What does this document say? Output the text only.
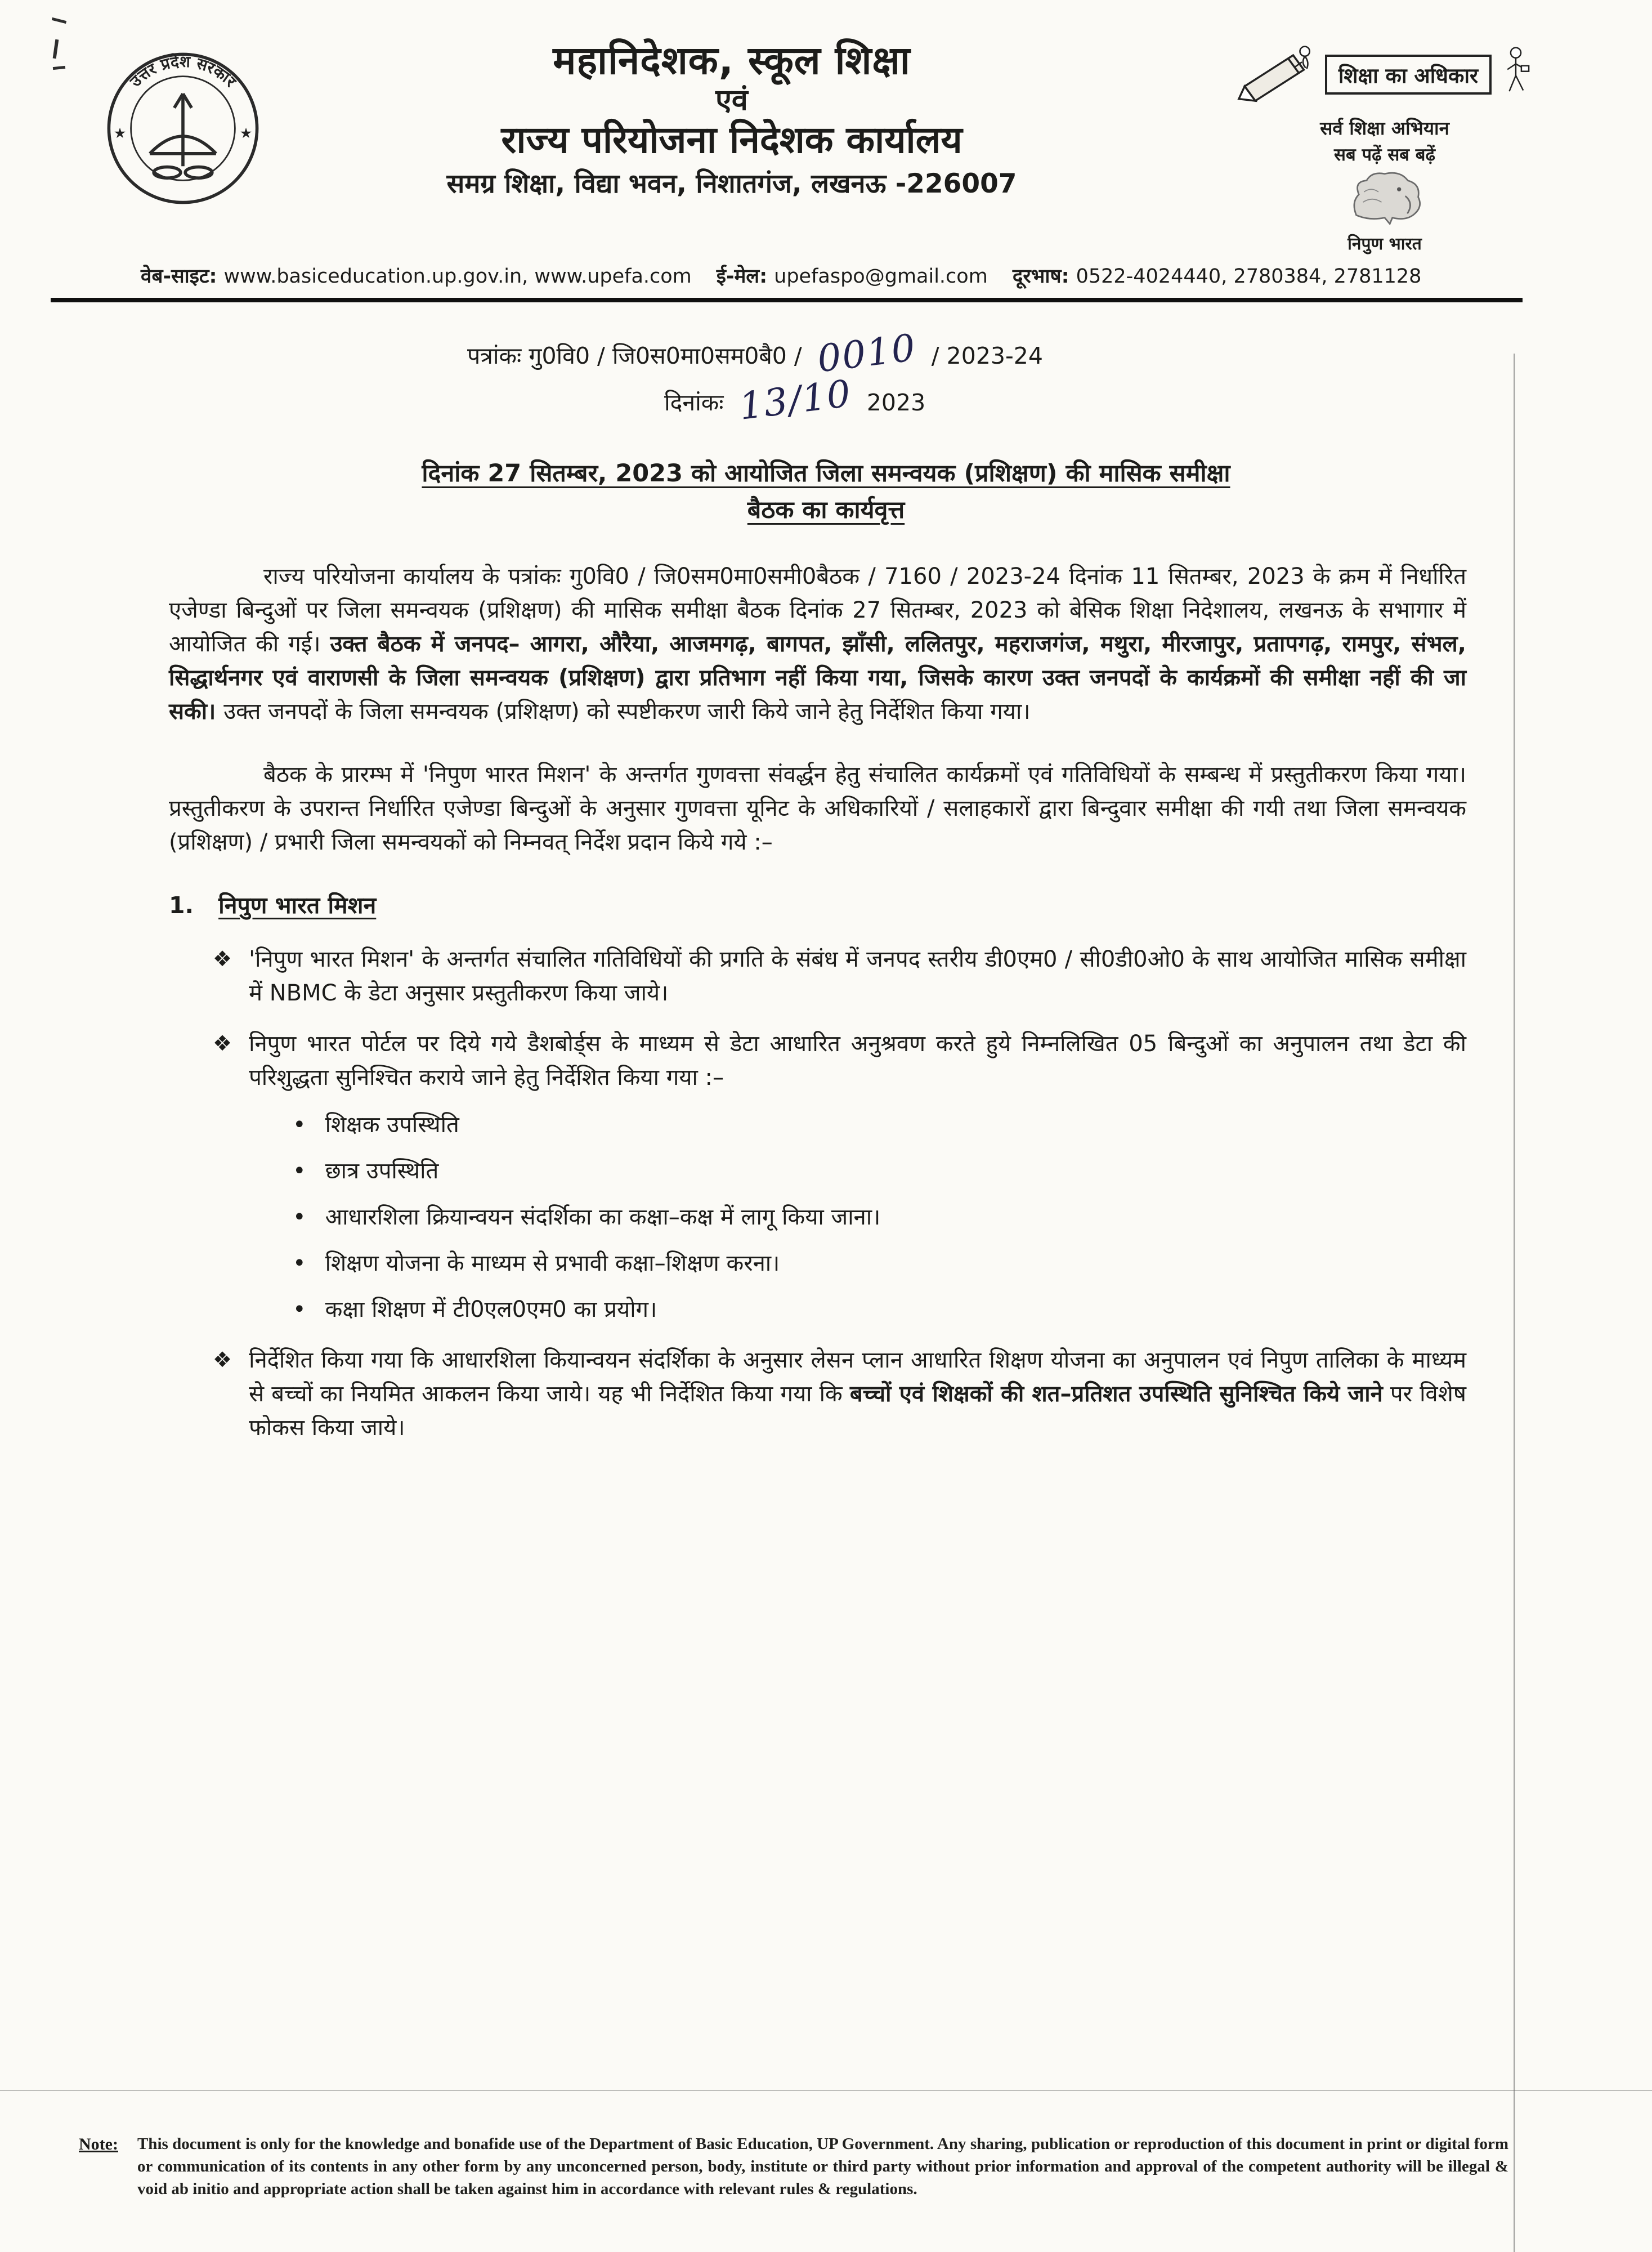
उत्तर प्रदेश सरकार
★	★
महानिदेशक, स्कूल शिक्षा
एवं
राज्य परियोजना निदेशक कार्यालय
समग्र शिक्षा, विद्या भवन, निशातगंज, लखनऊ -226007
शिक्षा का अधिकार
सर्व शिक्षा अभियान
सब पढ़ें सब बढ़ें
निपुण भारत
वेब-साइट: www.basiceducation.up.gov.in, www.upefa.com ई-मेल: upefaspo@gmail.com दूरभाष: 0522-4024440, 2780384, 2781128
पत्रांकः गु0वि0 / जि0स0मा0सम0बै0 / 0010 / 2023-24
दिनांकः 13/10 2023
दिनांक 27 सितम्बर, 2023 को आयोजित जिला समन्वयक (प्रशिक्षण) की मासिक समीक्षा
बैठक का कार्यवृत्त

राज्य परियोजना कार्यालय के पत्रांकः गु0वि0 / जि0सम0मा0समी0बैठक / 7160 / 2023-24 दिनांक 11 सितम्बर, 2023 के क्रम में निर्धारित एजेण्डा बिन्दुओं पर जिला समन्वयक (प्रशिक्षण) की मासिक समीक्षा बैठक दिनांक 27 सितम्बर, 2023 को बेसिक शिक्षा निदेशालय, लखनऊ के सभागार में आयोजित की गई। उक्त बैठक में जनपद– आगरा, औरैया, आजमगढ़, बागपत, झाँसी, ललितपुर, महराजगंज, मथुरा, मीरजापुर, प्रतापगढ़, रामपुर, संभल, सिद्धार्थनगर एवं वाराणसी के जिला समन्वयक (प्रशिक्षण) द्वारा प्रतिभाग नहीं किया गया, जिसके कारण उक्त जनपदों के कार्यक्रमों की समीक्षा नहीं की जा सकी। उक्त जनपदों के जिला समन्वयक (प्रशिक्षण) को स्पष्टीकरण जारी किये जाने हेतु निर्देशित किया गया।

बैठक के प्रारम्भ में 'निपुण भारत मिशन' के अन्तर्गत गुणवत्ता संवर्द्धन हेतु संचालित कार्यक्रमों एवं गतिविधियों के सम्बन्ध में प्रस्तुतीकरण किया गया। प्रस्तुतीकरण के उपरान्त निर्धारित एजेण्डा बिन्दुओं के अनुसार गुणवत्ता यूनिट के अधिकारियों / सलाहकारों द्वारा बिन्दुवार समीक्षा की गयी तथा जिला समन्वयक (प्रशिक्षण) / प्रभारी जिला समन्वयकों को निम्नवत् निर्देश प्रदान किये गये :–

1. निपुण भारत मिशन
❖ 'निपुण भारत मिशन' के अन्तर्गत संचालित गतिविधियों की प्रगति के संबंध में जनपद स्तरीय डी0एम0 / सी0डी0ओ0 के साथ आयोजित मासिक समीक्षा में NBMC के डेटा अनुसार प्रस्तुतीकरण किया जाये।
❖ निपुण भारत पोर्टल पर दिये गये डैशबोर्ड्स के माध्यम से डेटा आधारित अनुश्रवण करते हुये निम्नलिखित 05 बिन्दुओं का अनुपालन तथा डेटा की परिशुद्धता सुनिश्चित कराये जाने हेतु निर्देशित किया गया :–
• शिक्षक उपस्थिति
• छात्र उपस्थिति
• आधारशिला क्रियान्वयन संदर्शिका का कक्षा–कक्ष में लागू किया जाना।
• शिक्षण योजना के माध्यम से प्रभावी कक्षा–शिक्षण करना।
• कक्षा शिक्षण में टी0एल0एम0 का प्रयोग।
❖ निर्देशित किया गया कि आधारशिला कियान्वयन संदर्शिका के अनुसार लेसन प्लान आधारित शिक्षण योजना का अनुपालन एवं निपुण तालिका के माध्यम से बच्चों का नियमित आकलन किया जाये। यह भी निर्देशित किया गया कि बच्चों एवं शिक्षकों की शत–प्रतिशत उपस्थिति सुनिश्चित किये जाने पर विशेष फोकस किया जाये।
Note: This document is only for the knowledge and bonafide use of the Department of Basic Education, UP Government. Any sharing, publication or reproduction of this document in print or digital form or communication of its contents in any other form by any unconcerned person, body, institute or third party without prior information and approval of the competent authority will be illegal & void ab initio and appropriate action shall be taken against him in accordance with relevant rules & regulations.
